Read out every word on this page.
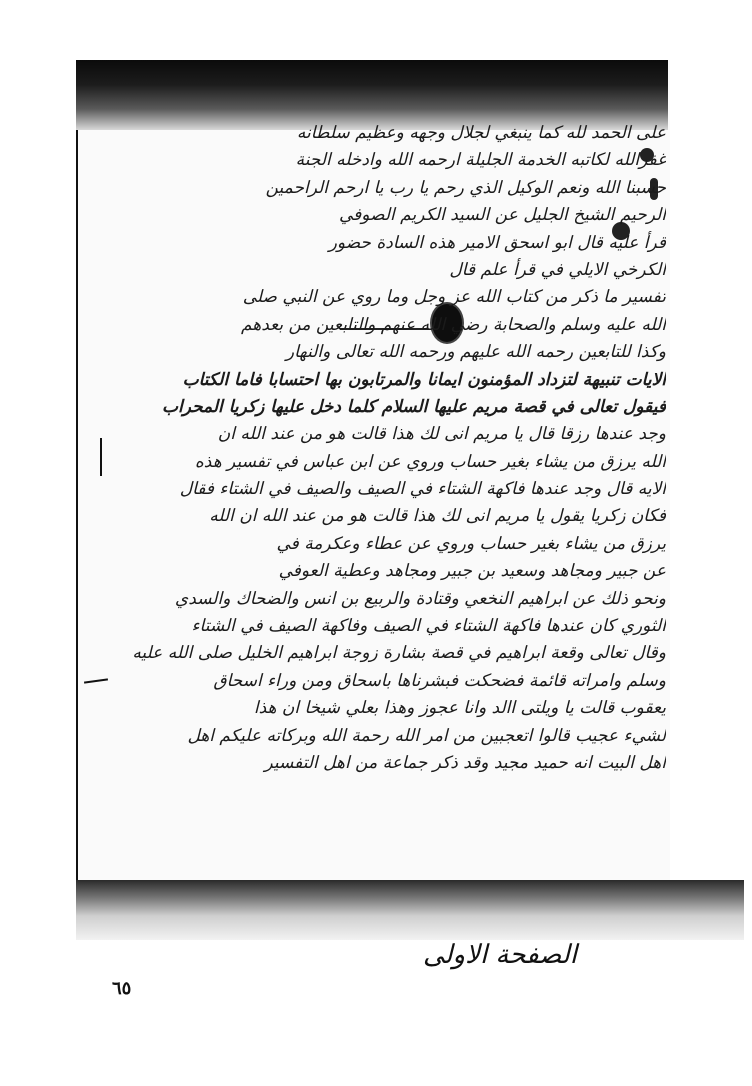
على الحمد لله كما ينبغي لجلال وجهه وعظيم سلطانه
غفرالله لكاتبه الخدمة الجليلة ارحمه الله وادخله الجنة
حسبنا الله ونعم الوكيل الذي رحم يا رب يا ارحم الراحمين
الرحيم الشيخ الجليل عن السيد الكريم الصوفي
قرأ عليه قال ابو اسحق الامير هذه السادة حضور
الكرخي الايلي في قرأ علم قال
تفسير ما ذكر من كتاب الله عز وجل وما روي عن النبي صلى
الله عليه وسلم والصحابة رضي الله عنهم والتابعين من بعدهم
وكذا للتابعين رحمه الله عليهم ورحمه الله تعالى والنهار
الايات تنبيهة لتزداد المؤمنون ايمانا والمرتابون بها احتسابا فاما الكتاب
فيقول تعالى في قصة مريم عليها السلام كلما دخل عليها زكريا المحراب
وجد عندها رزقا قال يا مريم انى لك هذا قالت هو من عند الله ان
الله يرزق من يشاء بغير حساب وروي عن ابن عباس في تفسير هذه
الايه قال وجد عندها فاكهة الشتاء في الصيف والصيف في الشتاء فقال
فكان زكريا يقول يا مريم انى لك هذا قالت هو من عند الله ان الله
يرزق من يشاء بغير حساب وروي عن عطاء وعكرمة في
عن جبير ومجاهد وسعيد بن جبير ومجاهد وعطية العوفي
ونحو ذلك عن ابراهيم النخعي وقتادة والربيع بن انس والضحاك والسدي
الثوري كان عندها فاكهة الشتاء في الصيف وفاكهة الصيف في الشتاء
وقال تعالى وقعة ابراهيم في قصة بشارة زوجة ابراهيم الخليل صلى الله عليه
وسلم وامراته قائمة فضحكت فبشرناها باسحاق ومن وراء اسحاق
يعقوب قالت يا ويلتى االد وانا عجوز وهذا بعلي شيخا ان هذا
لشيء عجيب قالوا اتعجبين من امر الله رحمة الله وبركاته عليكم اهل
اهل البيت انه حميد مجيد وقد ذكر جماعة من اهل التفسير
الصفحة الاولى
٦٥
